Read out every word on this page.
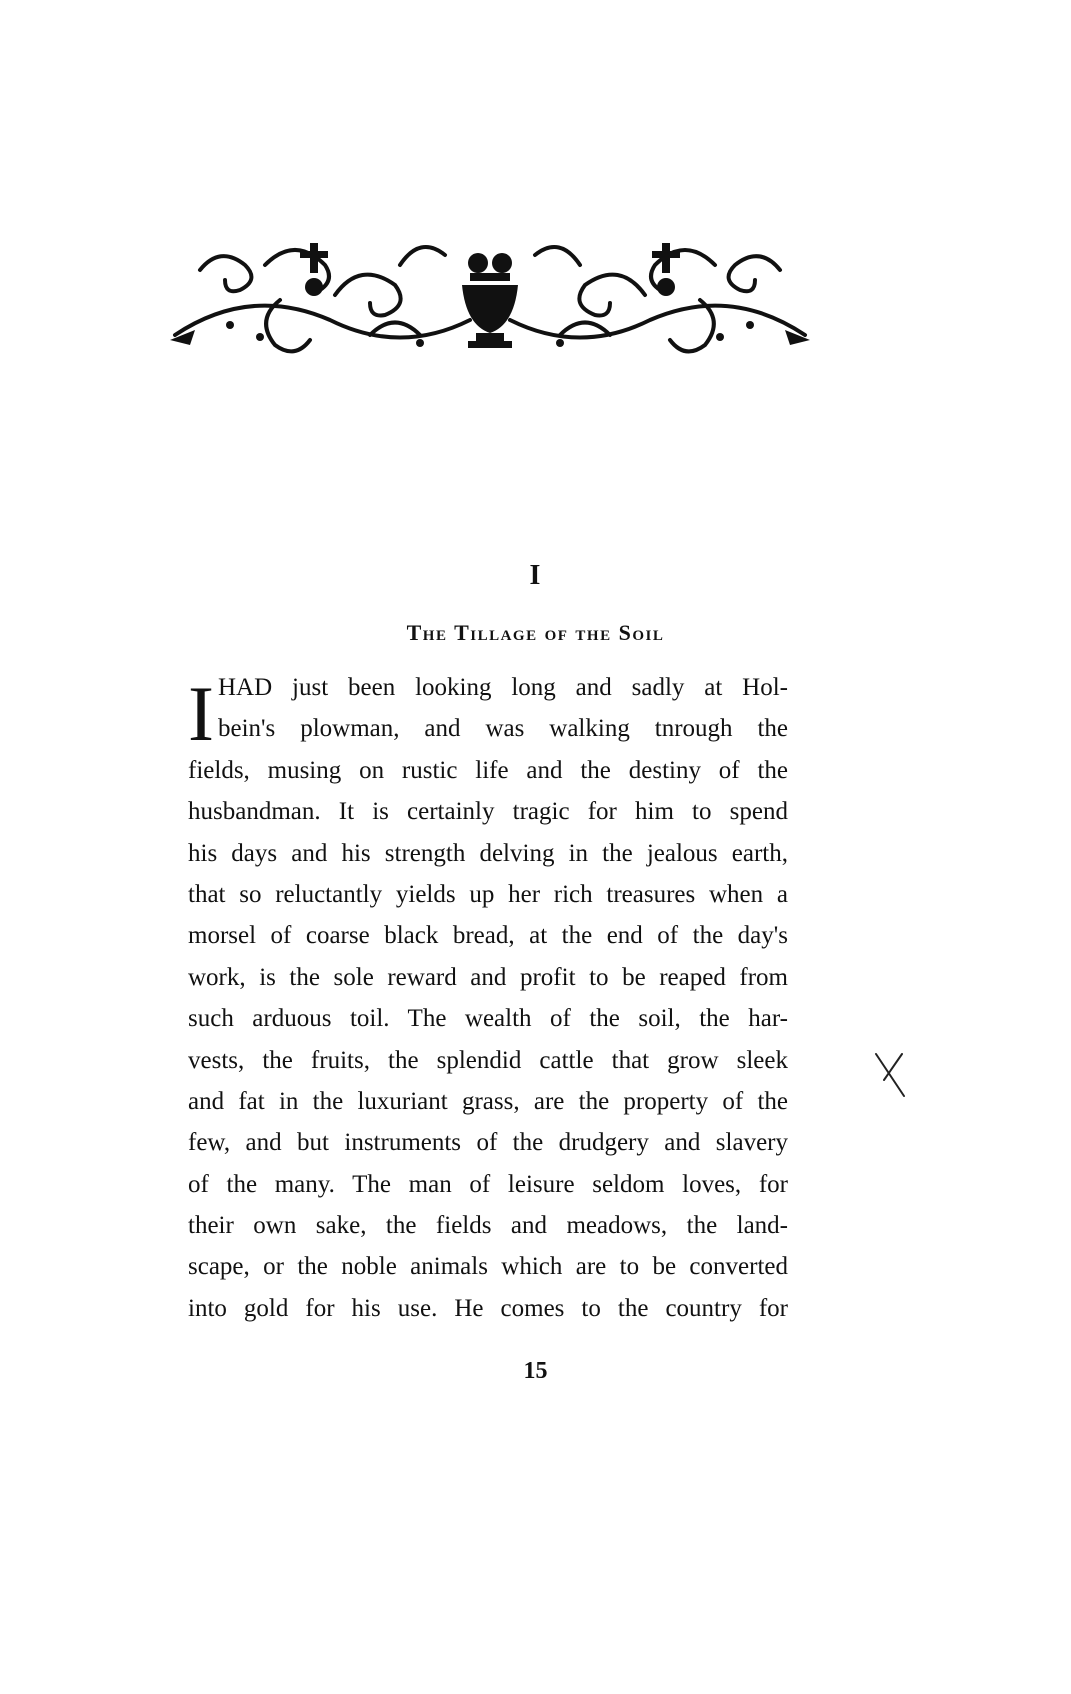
I
The Tillage of the Soil
I HAD just been looking long and sadly at Hol-
bein's plowman, and was walking tnrough the
fields, musing on rustic life and the destiny of the
husbandman. It is certainly tragic for him to spend
his days and his strength delving in the jealous earth,
that so reluctantly yields up her rich treasures when a
morsel of coarse black bread, at the end of the day's
work, is the sole reward and profit to be reaped from
such arduous toil. The wealth of the soil, the har-
vests, the fruits, the splendid cattle that grow sleek
and fat in the luxuriant grass, are the property of the
few, and but instruments of the drudgery and slavery
of the many. The man of leisure seldom loves, for
their own sake, the fields and meadows, the land-
scape, or the noble animals which are to be converted
into gold for his use. He comes to the country for
15
